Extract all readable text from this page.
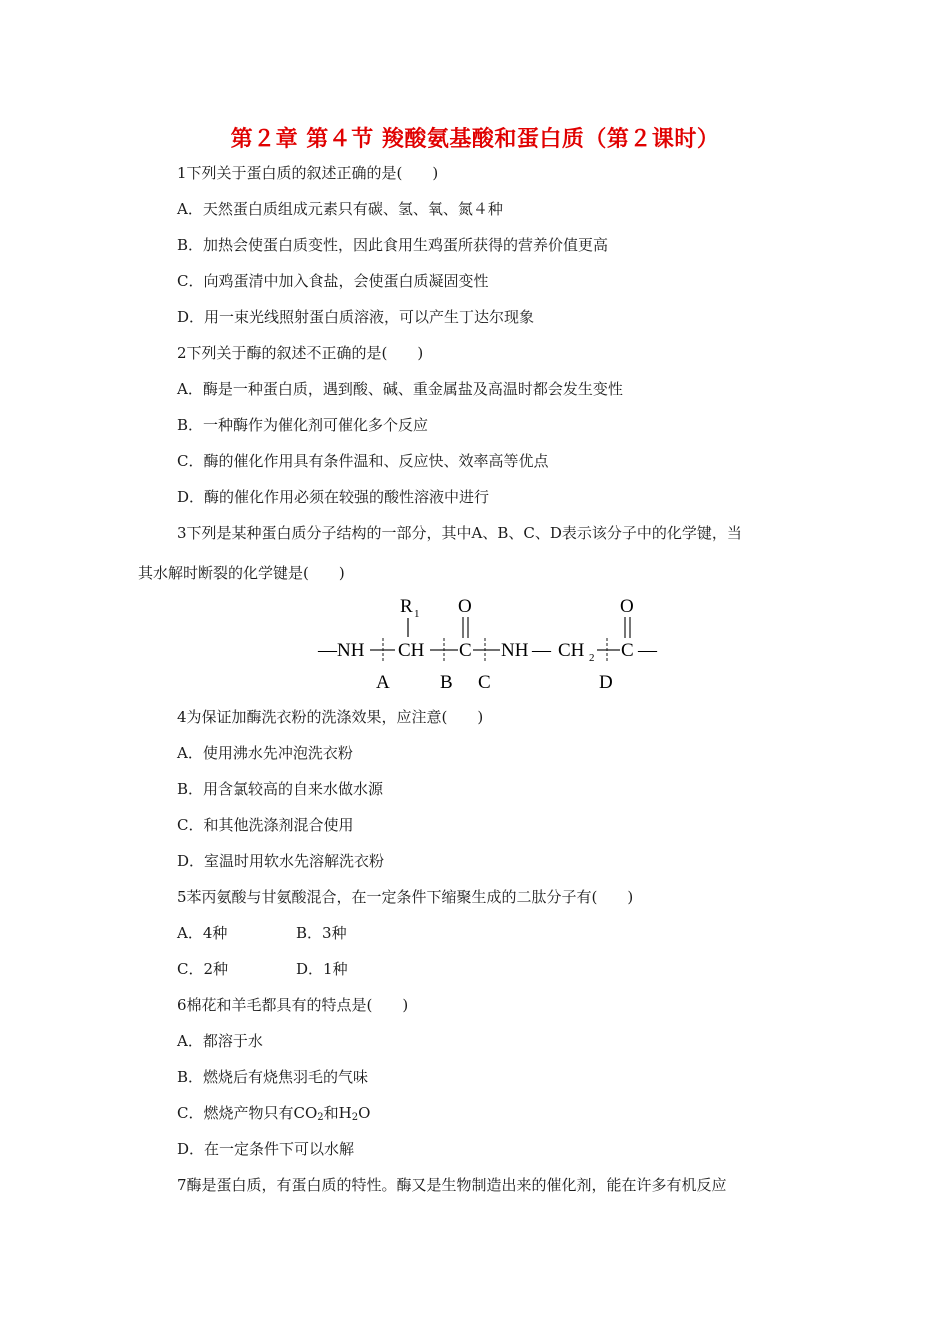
第２章 第４节 羧酸氨基酸和蛋白质（第２课时）
1下列关于蛋白质的叙述正确的是(　　)
A．天然蛋白质组成元素只有碳、氢、氧、氮４种
B．加热会使蛋白质变性，因此食用生鸡蛋所获得的营养价值更高
C．向鸡蛋清中加入食盐，会使蛋白质凝固变性
D．用一束光线照射蛋白质溶液，可以产生丁达尔现象
2下列关于酶的叙述不正确的是(　　)
A．酶是一种蛋白质，遇到酸、碱、重金属盐及高温时都会发生变性
B．一种酶作为催化剂可催化多个反应
C．酶的催化作用具有条件温和、反应快、效率高等优点
D．酶的催化作用必须在较强的酸性溶液中进行
3下列是某种蛋白质分子结构的一部分，其中A、B、C、D表示该分子中的化学键，当
其水解时断裂的化学键是(　　)
R 1 O	O
—NH CH C NH — CH 2 C —
A	B C	D
4为保证加酶洗衣粉的洗涤效果，应注意(　　)
A．使用沸水先冲泡洗衣粉
B．用含氯较高的自来水做水源
C．和其他洗涤剂混合使用
D．室温时用软水先溶解洗衣粉
5苯丙氨酸与甘氨酸混合，在一定条件下缩聚生成的二肽分子有(　　)
A．4种	B．3种
C．2种	D．1种
6棉花和羊毛都具有的特点是(　　)
A．都溶于水
B．燃烧后有烧焦羽毛的气味
C．燃烧产物只有$CO_2$和$H_2O$
D．在一定条件下可以水解
7酶是蛋白质，有蛋白质的特性。酶又是生物制造出来的催化剂，能在许多有机反应
